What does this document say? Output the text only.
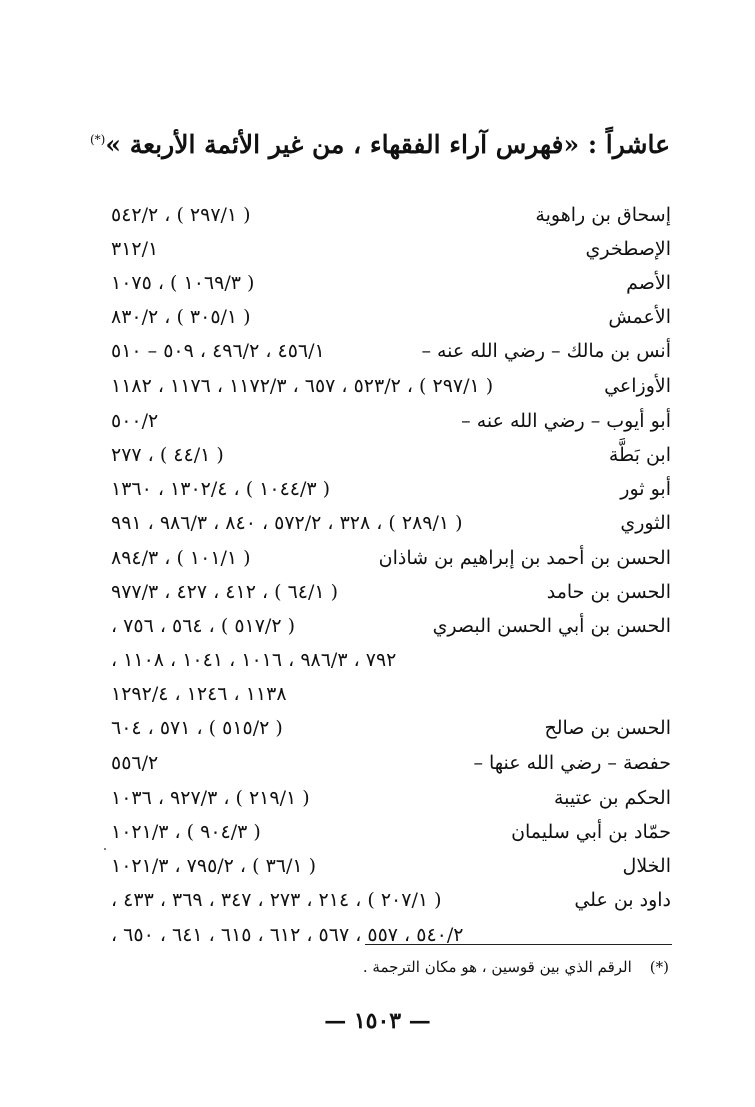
عاشراً : «فهرس آراء الفقهاء ، من غير الأئمة الأربعة »(*)
إسحاق بن راهوية
( ٢٩٧/١ ) ، ٥٤٢/٢
الإصطخري
٣١٢/١
الأصم
( ١٠٦٩/٣ ) ، ١٠٧٥
الأعمش
( ٣٠٥/١ ) ، ٨٣٠/٢
أنس بن مالك – رضي الله عنه –
٤٥٦/١ ، ٤٩٦/٢ ، ٥٠٩ – ٥١٠
الأوزاعي
( ٢٩٧/١ ) ، ٥٢٣/٢ ، ٦٥٧ ، ١١٧٢/٣ ، ١١٧٦ ، ١١٨٢
أبو أيوب – رضي الله عنه –
٥٠٠/٢
ابن بَطَّة
( ٤٤/١ ) ، ٢٧٧
أبو ثور
( ١٠٤٤/٣ ) ، ١٣٠٢/٤ ، ١٣٦٠
الثوري
( ٢٨٩/١ ) ، ٣٢٨ ، ٥٧٢/٢ ، ٨٤٠ ، ٩٨٦/٣ ، ٩٩١
الحسن بن أحمد بن إبراهيم بن شاذان
( ١٠١/١ ) ، ٨٩٤/٣
الحسن بن حامد
( ٦٤/١ ) ، ٤١٢ ، ٤٢٧ ، ٩٧٧/٣
الحسن بن أبي الحسن البصري
( ٥١٧/٢ ) ، ٥٦٤ ، ٧٥٦ ،
٧٩٢ ، ٩٨٦/٣ ، ١٠١٦ ، ١٠٤١ ، ١١٠٨ ،
١١٣٨ ، ١٢٤٦ ، ١٢٩٢/٤
الحسن بن صالح
( ٥١٥/٢ ) ، ٥٧١ ، ٦٠٤
حفصة – رضي الله عنها –
٥٥٦/٢
الحكم بن عتيبة
( ٢١٩/١ ) ، ٩٢٧/٣ ، ١٠٣٦
حمّاد بن أبي سليمان
( ٩٠٤/٣ ) ، ١٠٢١/٣
الخلال
( ٣٦/١ ) ، ٧٩٥/٢ ، ١٠٢١/٣
داود بن علي
( ٢٠٧/١ ) ، ٢١٤ ، ٢٧٣ ، ٣٤٧ ، ٣٦٩ ، ٤٣٣ ،
٥٤٠/٢ ، ٥٥٧ ، ٥٦٧ ، ٦١٢ ، ٦١٥ ، ٦٤١ ، ٦٥٠ ،
(*)الرقم الذي بين قوسين ، هو مكان الترجمة .
— ١٥٠٣ —
